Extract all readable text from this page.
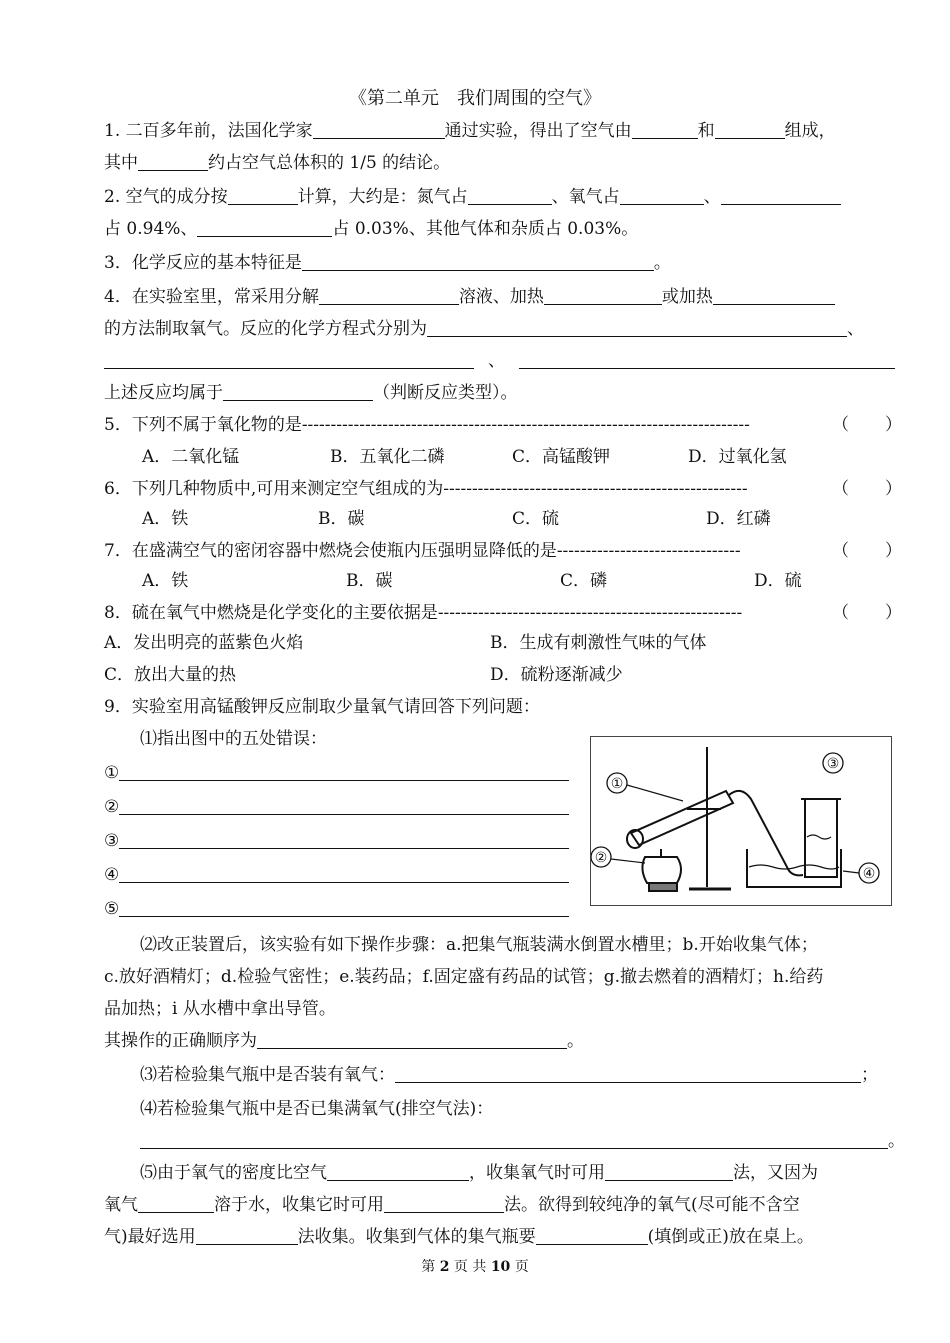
《第二单元　我们周围的空气》
1. 二百多年前，法国化学家	通过实验，得出了空气由	和	组成，
其中	约占空气总体积的 1/5 的结论。
2. 空气的成分按	计算，大约是：氮气占	、氧气占	、
占 0.94%、	占 0.03%、其他气体和杂质占 0.03%。
3．化学反应的基本特征是	。
4．在实验室里，常采用分解	溶液、加热	或加热
的方法制取氧气。反应的化学方程式分别为	、
、
上述反应均属于	（判断反应类型）。
5．下列不属于氧化物的是------------------------------------------------------------------------------	（ ）
A．二氧化锰	B．五氧化二磷	C．高锰酸钾	D．过氧化氢
6．下列几种物质中,可用来测定空气组成的为-----------------------------------------------------	（ ）
A．铁	B．碳	C．硫	D．红磷
7．在盛满空气的密闭容器中燃烧会使瓶内压强明显降低的是--------------------------------	（ ）
A．铁	B．碳	C．磷	D．硫
8．硫在氧气中燃烧是化学变化的主要依据是-----------------------------------------------------	（ ）
A．发出明亮的蓝紫色火焰	B．生成有刺激性气味的气体
C．放出大量的热	D．硫粉逐渐减少
9．实验室用高锰酸钾反应制取少量氧气请回答下列问题：
⑴指出图中的五处错误：
①
②
③
④
⑤
①
②
③
④
⑵改正装置后，该实验有如下操作步骤：a.把集气瓶装满水倒置水槽里；b.开始收集气体；
c.放好酒精灯；d.检验气密性；e.装药品；f.固定盛有药品的试管；g.撤去燃着的酒精灯；h.给药
品加热；i 从水槽中拿出导管。
其操作的正确顺序为	。
⑶若检验集气瓶中是否装有氧气：	；
⑷若检验集气瓶中是否已集满氧气(排空气法)：
。
⑸由于氧气的密度比空气	，收集氧气时可用	法，又因为
氧气	溶于水，收集它时可用	法。欲得到较纯净的氧气(尽可能不含空
气)最好选用	法收集。收集到气体的集气瓶要	(填倒或正)放在桌上。
第 2 页 共 10 页
